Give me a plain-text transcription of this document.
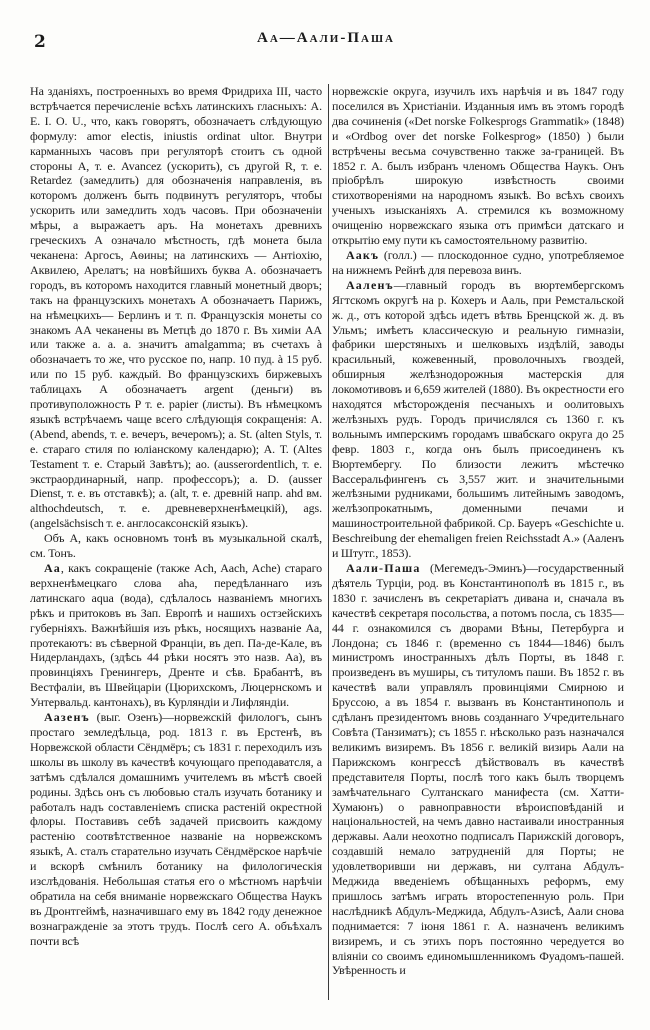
2	Аа—Аали-Паша

На зданіяхъ, построенныхъ во время Фридриха III, часто встрѣчается перечисленіе всѣхъ латинскихъ гласныхъ: A. E. I. O. U., что, какъ говорятъ, обозначаетъ слѣдующую формулу: amor electis, iniustis ordinat ultor. Внутри карманныхъ часовъ при регуляторѣ стоитъ съ одной стороны A, т. е. Avancez (ускорить), съ другой R, т. е. Retardez (замедлить) для обозначенія направленія, въ которомъ долженъ быть подвинутъ регуляторъ, чтобы ускорить или замедлить ходъ часовъ. При обозначеніи мѣры, а выражаетъ аръ. На монетахъ древнихъ греческихъ А означало мѣстность, гдѣ монета была чеканена: Аргосъ, Аѳины; на латинскихъ — Антіохію, Аквилею, Арелатъ; на новѣйшихъ буква А. обозначаетъ городъ, въ которомъ находится главный монетный дворъ; такъ на французскихъ монетахъ А обозначаетъ Парижъ, на нѣмецкихъ— Берлинъ и т. п. Французскія монеты со знакомъ АА чеканены въ Метцѣ до 1870 г. Въ химіи АА или также a. a. a. значитъ amalgamma; въ счетахъ à обозначаетъ то же, что русское по, напр. 10 пуд. à 15 руб. или по 15 руб. каждый. Во французскихъ биржевыхъ таблицахъ А обозначаетъ argent (деньги) въ противуположность Р т. е. papier (листы). Въ нѣмецкомъ языкѣ встрѣчаемъ чаще всего слѣдующія сокращенія: А. (Abend, abends, т. е. вечеръ, вечеромъ); a. St. (alten Styls, т. е. стараго стиля по юліанскому календарю); А. Т. (Altes Testament т. е. Старый Завѣтъ); ao. (ausserordentlich, т. е. экстраординарный, напр. профессоръ); a. D. (ausser Dienst, т. е. въ отставкѣ); a. (alt, т. е. древній напр. ahd вм. althochdeutsch, т. е. древневерхненѣмецкій), ags. (angelsächsisch т. е. англосаксонскій языкъ).

Объ А, какъ основномъ тонѣ въ музыкальной скалѣ, см. Тонъ.

Аа, какъ сокращеніе (также Ach, Aach, Ache) стараго верхненѣмецкаго слова aha, передѣланнаго изъ латинскаго aqua (вода), сдѣлалось названіемъ многихъ рѣкъ и притоковъ въ Зап. Европѣ и нашихъ остзейскихъ губерніяхъ. Важнѣйшія изъ рѣкъ, носящихъ названіе Аа, протекаютъ: въ сѣверной Франціи, въ деп. Па-де-Кале, въ Нидерландахъ, (здѣсь 44 рѣки носятъ это назв. Аа), въ провинціяхъ Гренингеръ, Дренте и сѣв. Брабантѣ, въ Вестфаліи, въ Швейцаріи (Цюрихскомъ, Люцернскомъ и Унтервальд. кантонахъ), въ Курляндіи и Лифляндіи.

Аазенъ (выг. Озенъ)—норвежскій филологъ, сынъ простаго земледѣльца, род. 1813 г. въ Ерстенѣ, въ Норвежской области Сёндмёръ; съ 1831 г. переходилъ изъ школы въ школу въ качествѣ кочующаго преподаватсля, а затѣмъ сдѣлался домашнимъ учителемъ въ мѣстѣ своей родины. Здѣсь онъ съ любовью сталъ изучать ботанику и работалъ надъ составленіемъ списка растеній окрестной флоры. Поставивъ себѣ задачей присвоить каждому растенію соотвѣтственное названіе на норвежскомъ языкѣ, А. сталъ старательно изучать Сёндмёрское нарѣчіе и вскорѣ смѣнилъ ботанику на филологическія изслѣдованія. Небольшая статья его о мѣстномъ нарѣчіи обратила на себя вниманіе норвежскаго Общества Наукъ въ Дронтгеймѣ, назначившаго ему въ 1842 году денежное вознагражденіе за этотъ трудъ. Послѣ сего А. объѣхалъ почти всѣ

норвежскіе округа, изучилъ ихъ нарѣчія и въ 1847 году поселился въ Христіаніи. Изданныя имъ въ этомъ городѣ два сочиненія («Det norske Folkesprogs Grammatik» (1848) и «Ordbog over det norske Folkesprog» (1850) ) были встрѣчены весьма сочувственно также за-границей. Въ 1852 г. А. былъ избранъ членомъ Общества Наукъ. Онъ пріобрѣлъ широкую извѣстность своими стихотвореніями на народномъ языкѣ. Во всѣхъ своихъ ученыхъ изысканіяхъ А. стремился къ возможному очищенію норвежскаго языка отъ примѣси датскаго и открытію ему пути къ самостоятельному развитію.

Аакъ (голл.) — плоскодонное судно, употребляемое на нижнемъ Рейнѣ для перевоза винъ.

Ааленъ—главный городъ въ вюртембергскомъ Ягтскомъ округѣ на р. Кохеръ и Ааль, при Ремстальской ж. д., отъ которой здѣсь идетъ вѣтвь Бренцской ж. д. въ Ульмъ; имѣетъ классическую и реальную гимназіи, фабрики шерстяныхъ и шелковыхъ издѣлій, заводы красильный, кожевенный, проволочныхъ гвоздей, обширныя желѣзнодорожныя мастерскія для локомотивовъ и 6,659 жителей (1880). Въ окрестности его находятся мѣсторожденія песчаныхъ и оолитовыхъ желѣзныхъ рудъ. Городъ причислялся съ 1360 г. къ вольнымъ имперскимъ городамъ швабскаго округа до 25 февр. 1803 г., когда онъ былъ присоединенъ къ Вюртембергу. По близости лежитъ мѣстечко Вассеральфингенъ съ 3,557 жит. и значительными желѣзными рудниками, большимъ литейнымъ заводомъ, желѣзопрокатнымъ, доменными печами и машиностроительной фабрикой. Ср. Бауеръ «Geschichte u. Beschreibung der ehemaligen freien Reichsstadt A.» (Ааленъ и Штутг., 1853).

Аали-Паша (Мегемедъ-Эминъ)—государственный дѣятель Турціи, род. въ Константинополѣ въ 1815 г., въ 1830 г. зачисленъ въ секретаріатъ дивана и, сначала въ качествѣ секретаря посольства, а потомъ посла, съ 1835—44 г. ознакомился съ дворами Вѣны, Петербурга и Лондона; съ 1846 г. (временно съ 1844—1846) былъ министромъ иностранныхъ дѣлъ Порты, въ 1848 г. произведенъ въ муширы, съ титуломъ паши. Въ 1852 г. въ качествѣ вали управлялъ провинціями Смирною и Бруссою, а въ 1854 г. вызванъ въ Константинополь и сдѣланъ президентомъ вновь созданнаго Учредительнаго Совѣта (Танзиматъ); съ 1855 г. нѣсколько разъ назначался великимъ визиремъ. Въ 1856 г. великій визирь Аали на Парижскомъ конгрессѣ дѣйствовалъ въ качествѣ представителя Порты, послѣ того какъ былъ творцемъ замѣчательнаго Султанскаго манифеста (см. Хатти-Хумаюнъ) о равноправности вѣроисповѣданій и національностей, на чемъ давно настаивали иностранныя державы. Аали неохотно подписалъ Парижскій договоръ, создавшій немало затрудненій для Порты; не удовлетворивши ни державъ, ни султана Абдулъ-Меджида введеніемъ обѣщанныхъ реформъ, ему пришлось затѣмъ играть второстепенную роль. При наслѣдникѣ Абдулъ-Меджида, Абдулъ-Азисѣ, Аали снова поднимается: 7 іюня 1861 г. А. назначенъ великимъ визиремъ, и съ этихъ поръ постоянно чередуется во вліяніи со своимъ единомышленникомъ Фуадомъ-пашей. Увѣренность и
